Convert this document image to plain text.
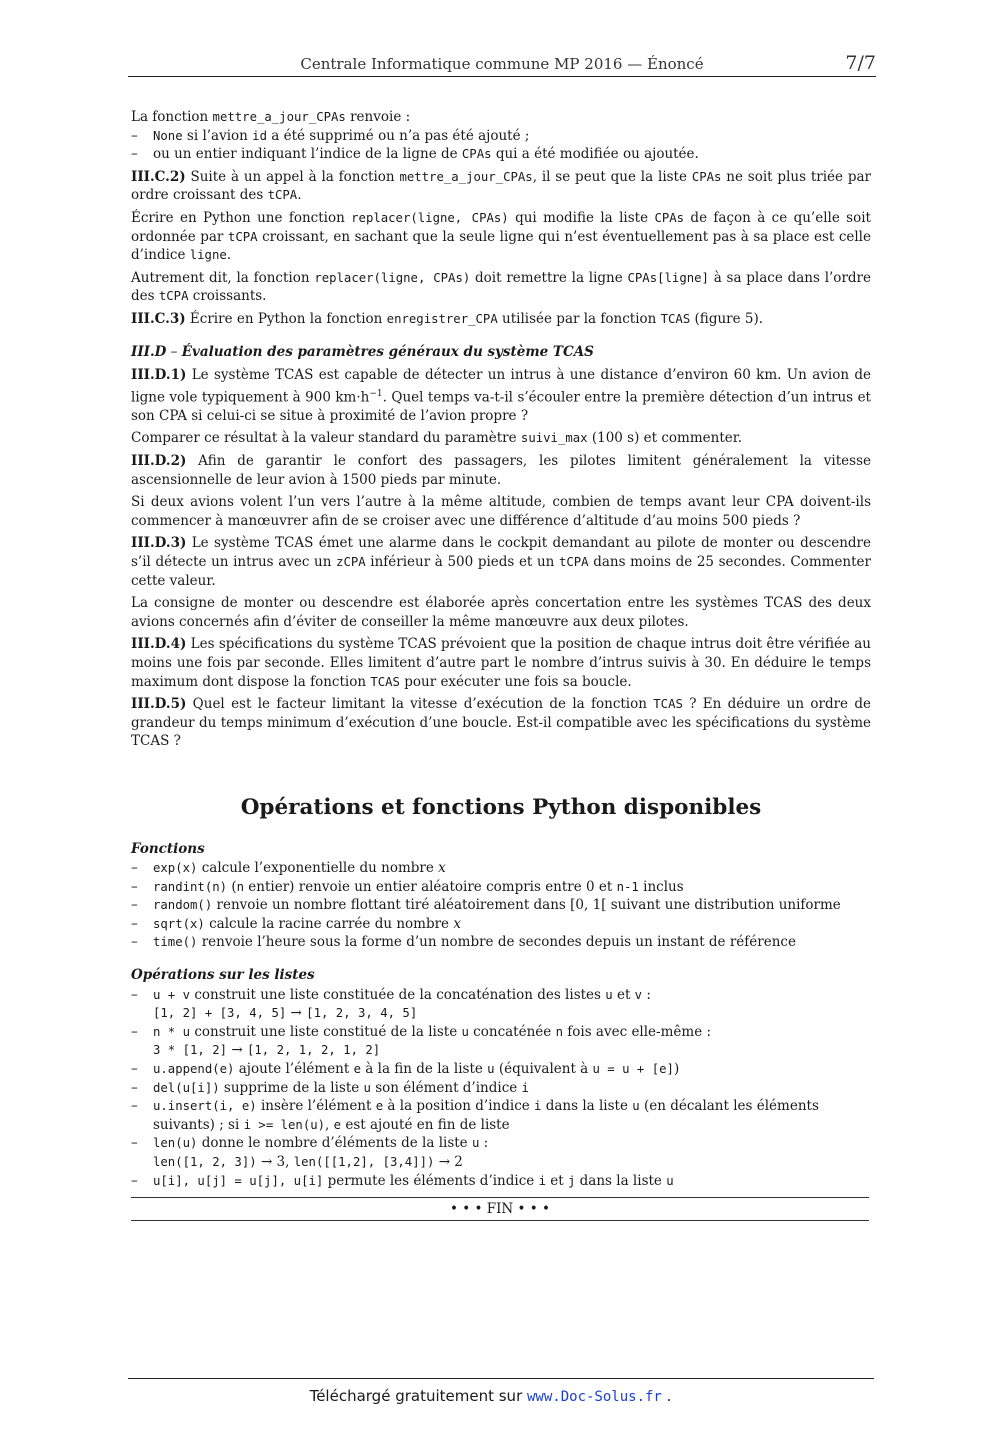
Centrale Informatique commune MP 2016 — Énoncé	7/7

La fonction mettre_a_jour_CPAs renvoie :

– None si l’avion id a été supprimé ou n’a pas été ajouté ;
– ou un entier indiquant l’indice de la ligne de CPAs qui a été modifiée ou ajoutée.

III.C.2) Suite à un appel à la fonction mettre_a_jour_CPAs, il se peut que la liste CPAs ne soit plus triée par ordre croissant des tCPA.

Écrire en Python une fonction replacer(ligne, CPAs) qui modifie la liste CPAs de façon à ce qu’elle soit ordonnée par tCPA croissant, en sachant que la seule ligne qui n’est éventuellement pas à sa place est celle d’indice ligne.

Autrement dit, la fonction replacer(ligne, CPAs) doit remettre la ligne CPAs[ligne] à sa place dans l’ordre des tCPA croissants.

III.C.3) Écrire en Python la fonction enregistrer_CPA utilisée par la fonction TCAS (figure 5).

III.D – Évaluation des paramètres généraux du système TCAS

III.D.1) Le système TCAS est capable de détecter un intrus à une distance d’environ 60 km. Un avion de ligne vole typiquement à 900 $km\cdot h^{-1}$. Quel temps va-t-il s’écouler entre la première détection d’un intrus et son CPA si celui-ci se situe à proximité de l’avion propre ?

Comparer ce résultat à la valeur standard du paramètre suivi_max (100 s) et commenter.

III.D.2) Afin de garantir le confort des passagers, les pilotes limitent généralement la vitesse ascensionnelle de leur avion à 1500 pieds par minute.

Si deux avions volent l’un vers l’autre à la même altitude, combien de temps avant leur CPA doivent-ils commencer à manœuvrer afin de se croiser avec une différence d’altitude d’au moins 500 pieds ?

III.D.3) Le système TCAS émet une alarme dans le cockpit demandant au pilote de monter ou descendre s’il détecte un intrus avec un zCPA inférieur à 500 pieds et un tCPA dans moins de 25 secondes. Commenter cette valeur.

La consigne de monter ou descendre est élaborée après concertation entre les systèmes TCAS des deux avions concernés afin d’éviter de conseiller la même manœuvre aux deux pilotes.

III.D.4) Les spécifications du système TCAS prévoient que la position de chaque intrus doit être vérifiée au moins une fois par seconde. Elles limitent d’autre part le nombre d’intrus suivis à 30. En déduire le temps maximum dont dispose la fonction TCAS pour exécuter une fois sa boucle.

III.D.5) Quel est le facteur limitant la vitesse d’exécution de la fonction TCAS ? En déduire un ordre de grandeur du temps minimum d’exécution d’une boucle. Est-il compatible avec les spécifications du système TCAS ?

Opérations et fonctions Python disponibles
Fonctions
– exp(x) calcule l’exponentielle du nombre x
– randint(n) (n entier) renvoie un entier aléatoire compris entre 0 et n-1 inclus
– random() renvoie un nombre flottant tiré aléatoirement dans [0, 1[ suivant une distribution uniforme
– sqrt(x) calcule la racine carrée du nombre x
– time() renvoie l’heure sous la forme d’un nombre de secondes depuis un instant de référence
Opérations sur les listes
– u + v construit une liste constituée de la concaténation des listes u et v :
[1, 2] + [3, 4, 5] → [1, 2, 3, 4, 5]
– n * u construit une liste constitué de la liste u concaténée n fois avec elle-même :
3 * [1, 2] → [1, 2, 1, 2, 1, 2]
– u.append(e) ajoute l’élément e à la fin de la liste u (équivalent à u = u + [e])
– del(u[i]) supprime de la liste u son élément d’indice i
– u.insert(i, e) insère l’élément e à la position d’indice i dans la liste u (en décalant les éléments suivants) ; si i >= len(u), e est ajouté en fin de liste
– len(u) donne le nombre d’éléments de la liste u :
len([1, 2, 3]) → 3, len([[1,2], [3,4]]) → 2
– u[i], u[j] = u[j], u[i] permute les éléments d’indice i et j dans la liste u
• • • FIN • • •
Téléchargé gratuitement sur www.Doc-Solus.fr .
